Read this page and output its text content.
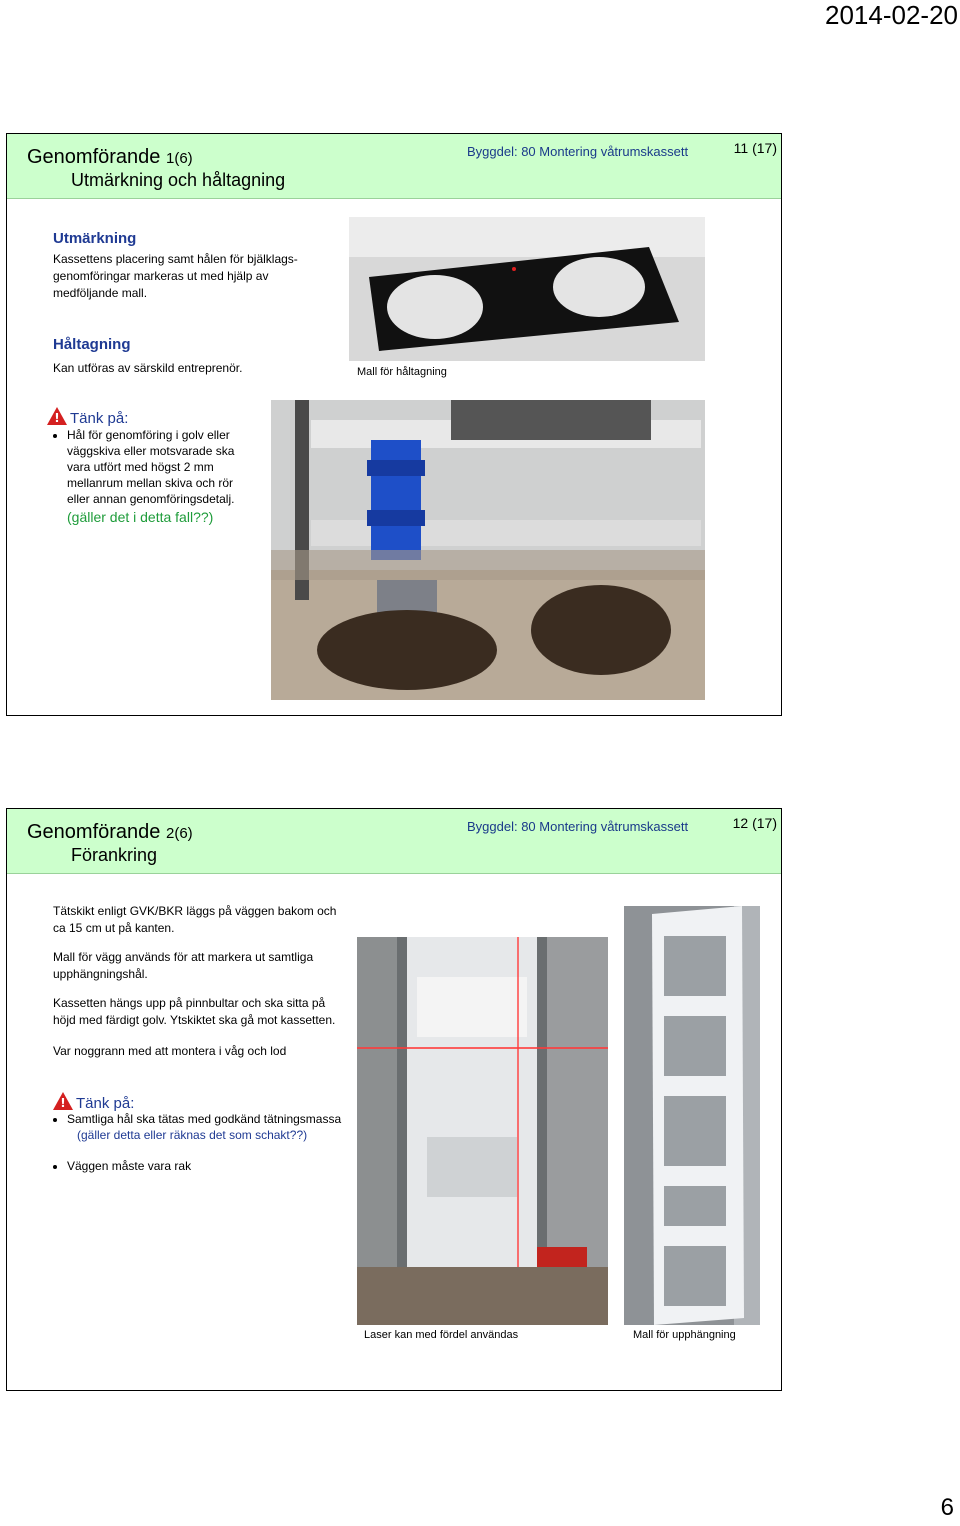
2014-02-20
Genomförande 1(6)
Utmärkning och håltagning
Byggdel: 80 Montering våtrumskassett	11 (17)
Utmärkning
Kassettens placering samt hålen för bjälklags-
genomföringar markeras ut med hjälp av
medföljande mall.
Håltagning
Kan utföras av särskild entreprenör.	Mall för håltagning
! Tänk på:
• Hål för genomföring i golv eller
väggskiva eller motsvarade ska
vara utfört med högst 2 mm
mellanrum mellan skiva och rör
eller annan genomföringsdetalj.
(gäller det i detta fall??)
Genomförande 2(6)
Förankring
Byggdel: 80 Montering våtrumskassett	12 (17)
Tätskikt enligt GVK/BKR läggs på väggen bakom och
ca 15 cm ut på kanten.
Mall för vägg används för att markera ut samtliga
upphängningshål.
Kassetten hängs upp på pinnbultar och ska sitta på
höjd med färdigt golv. Ytskiktet ska gå mot kassetten.
Var noggrann med att montera i våg och lod
! Tänk på:
• Samtliga hål ska tätas med godkänd tätningsmassa
(gäller detta eller räknas det som schakt??)
• Väggen måste vara rak
Laser kan med fördel användas	Mall för upphängning
6
